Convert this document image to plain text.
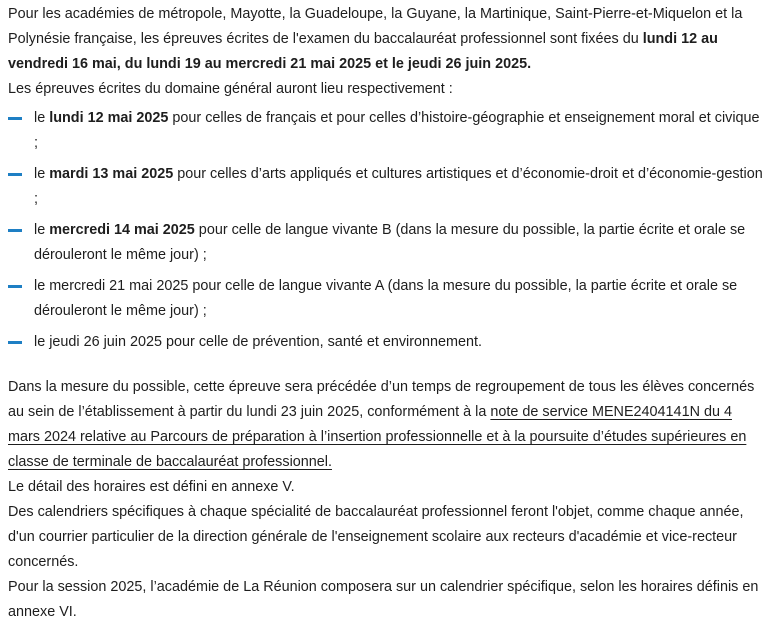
Pour les académies de métropole, Mayotte, la Guadeloupe, la Guyane, la Martinique, Saint-Pierre-et-Miquelon et la Polynésie française, les épreuves écrites de l'examen du baccalauréat professionnel sont fixées du lundi 12 au vendredi 16 mai, du lundi 19 au mercredi 21 mai 2025 et le jeudi 26 juin 2025.

Les épreuves écrites du domaine général auront lieu respectivement :

le lundi 12 mai 2025 pour celles de français et pour celles d’histoire-géographie et enseignement moral et civique ;
le mardi 13 mai 2025 pour celles d’arts appliqués et cultures artistiques et d’économie-droit et d’économie-gestion ;
le mercredi 14 mai 2025 pour celle de langue vivante B (dans la mesure du possible, la partie écrite et orale se dérouleront le même jour) ;
le mercredi 21 mai 2025 pour celle de langue vivante A (dans la mesure du possible, la partie écrite et orale se dérouleront le même jour) ;
le jeudi 26 juin 2025 pour celle de prévention, santé et environnement.

Dans la mesure du possible, cette épreuve sera précédée d’un temps de regroupement de tous les élèves concernés au sein de l’établissement à partir du lundi 23 juin 2025, conformément à la note de service MENE2404141N du 4 mars 2024 relative au Parcours de préparation à l’insertion professionnelle et à la poursuite d’études supérieures en classe de terminale de baccalauréat professionnel.

Le détail des horaires est défini en annexe V.

Des calendriers spécifiques à chaque spécialité de baccalauréat professionnel feront l'objet, comme chaque année, d'un courrier particulier de la direction générale de l'enseignement scolaire aux recteurs d'académie et vice-recteur concernés.

Pour la session 2025, l’académie de La Réunion composera sur un calendrier spécifique, selon les horaires définis en annexe VI.
